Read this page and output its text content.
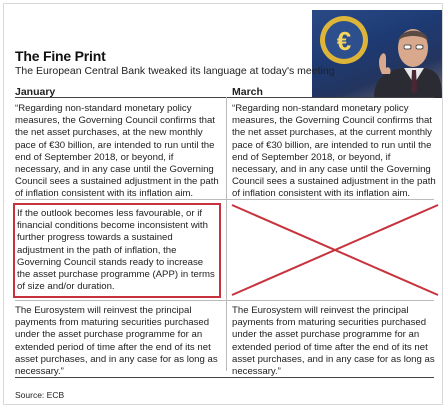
€
The Fine Print
The European Central Bank tweaked its language at today's meeting
January	March
“Regarding non-standard monetary policy measures, the Governing Council confirms that the net asset purchases, at the new monthly pace of €30 billion, are intended to run until the end of September 2018, or beyond, if necessary, and in any case until the Governing Council sees a sustained adjustment in the path of inflation consistent with its inflation aim.
“Regarding non-standard monetary policy measures, the Governing Council confirms that the net asset purchases, at the current monthly pace of €30 billion, are intended to run until the end of September 2018, or beyond, if necessary, and in any case until the Governing Council sees a sustained adjustment in the path of inflation consistent with its inflation aim.
If the outlook becomes less favourable, or if financial conditions become inconsistent with further progress towards a sustained adjustment in the path of inflation, the Governing Council stands ready to increase the asset purchase programme (APP) in terms of size and/or duration.
The Eurosystem will reinvest the principal payments from maturing securities purchased under the asset purchase programme for an extended period of time after the end of its net asset purchases, and in any case for as long as necessary.”
The Eurosystem will reinvest the principal payments from maturing securities purchased under the asset purchase programme for an extended period of time after the end of its net asset purchases, and in any case for as long as necessary.”
Source: ECB
